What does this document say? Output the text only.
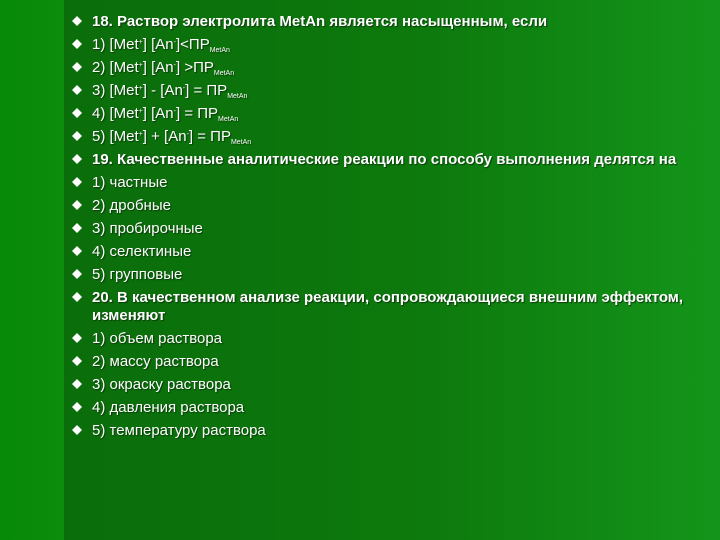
18. Раствор электролита MetAn является насыщенным, если
1) [Met+] $[An^-]<ПР_{MetAn}$
2) [Met+] $[An^-] >ПР_{MetAn}$
3) $[Met^+] - [An^-] = ПР_{MetAn}$
4) [Met+] $[An^-] = ПР_{MetAn}$
5) $[Met^+] + [An^-] = ПР_{MetAn}$
19. Качественные аналитические реакции по способу выполнения делятся на
1) частные
2) дробные
3) пробирочные
4) селектиные
5) групповые
20. В качественном анализе реакции, сопровождающиеся внешним эффектом, изменяют
1) объем раствора
2) массу раствора
3) окраску раствора
4) давления раствора
5) температуру раствора
